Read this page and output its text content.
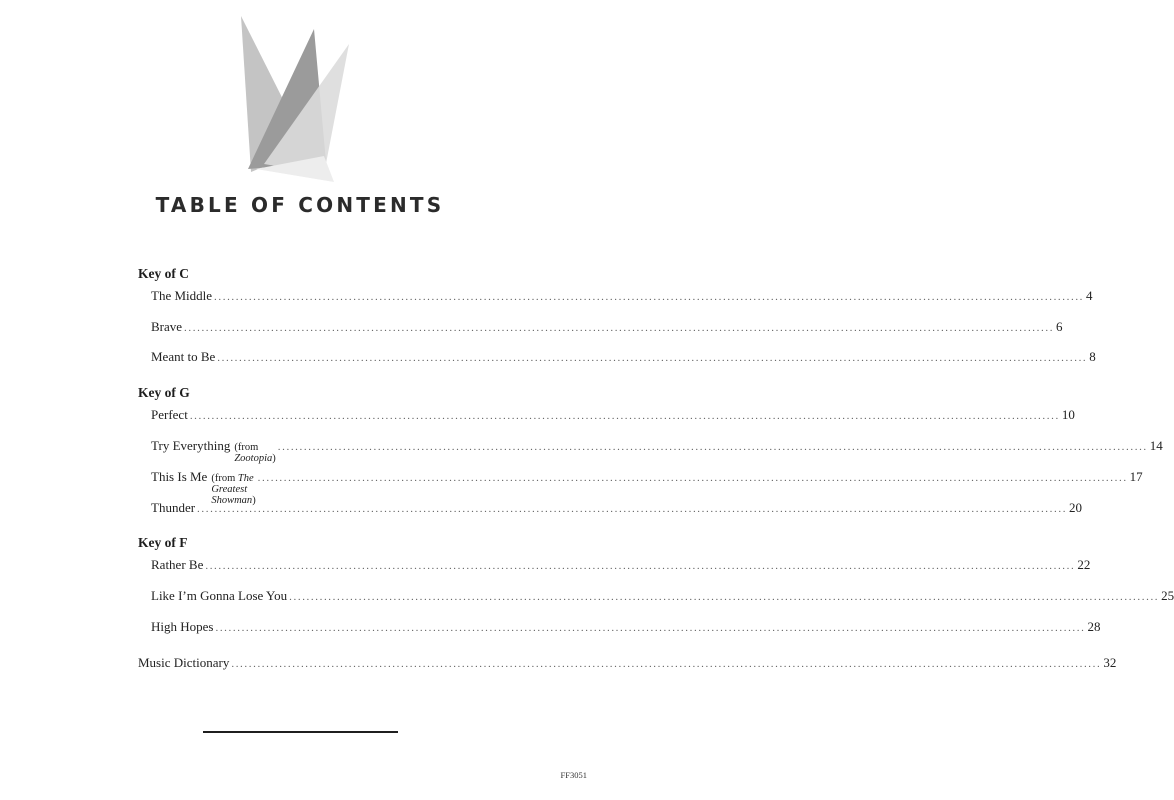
TABLE OF CONTENTS
Key of C
The Middle ........................................................................................................................................................................................................ 4
Brave ........................................................................................................................................................................................................ 6
Meant to Be ........................................................................................................................................................................................................ 8
Key of G
Perfect ........................................................................................................................................................................................................ 10
Try Everything (from Zootopia)
........................................................................................................................................................................................................ 14
This Is Me (from The Greatest Showman)
........................................................................................................................................................................................................ 17
Thunder ........................................................................................................................................................................................................ 20
Key of F
Rather Be ........................................................................................................................................................................................................ 22
Like I’m Gonna Lose You ........................................................................................................................................................................................................ 25
High Hopes ........................................................................................................................................................................................................ 28
Music Dictionary ........................................................................................................................................................................................................ 32
FF3051
